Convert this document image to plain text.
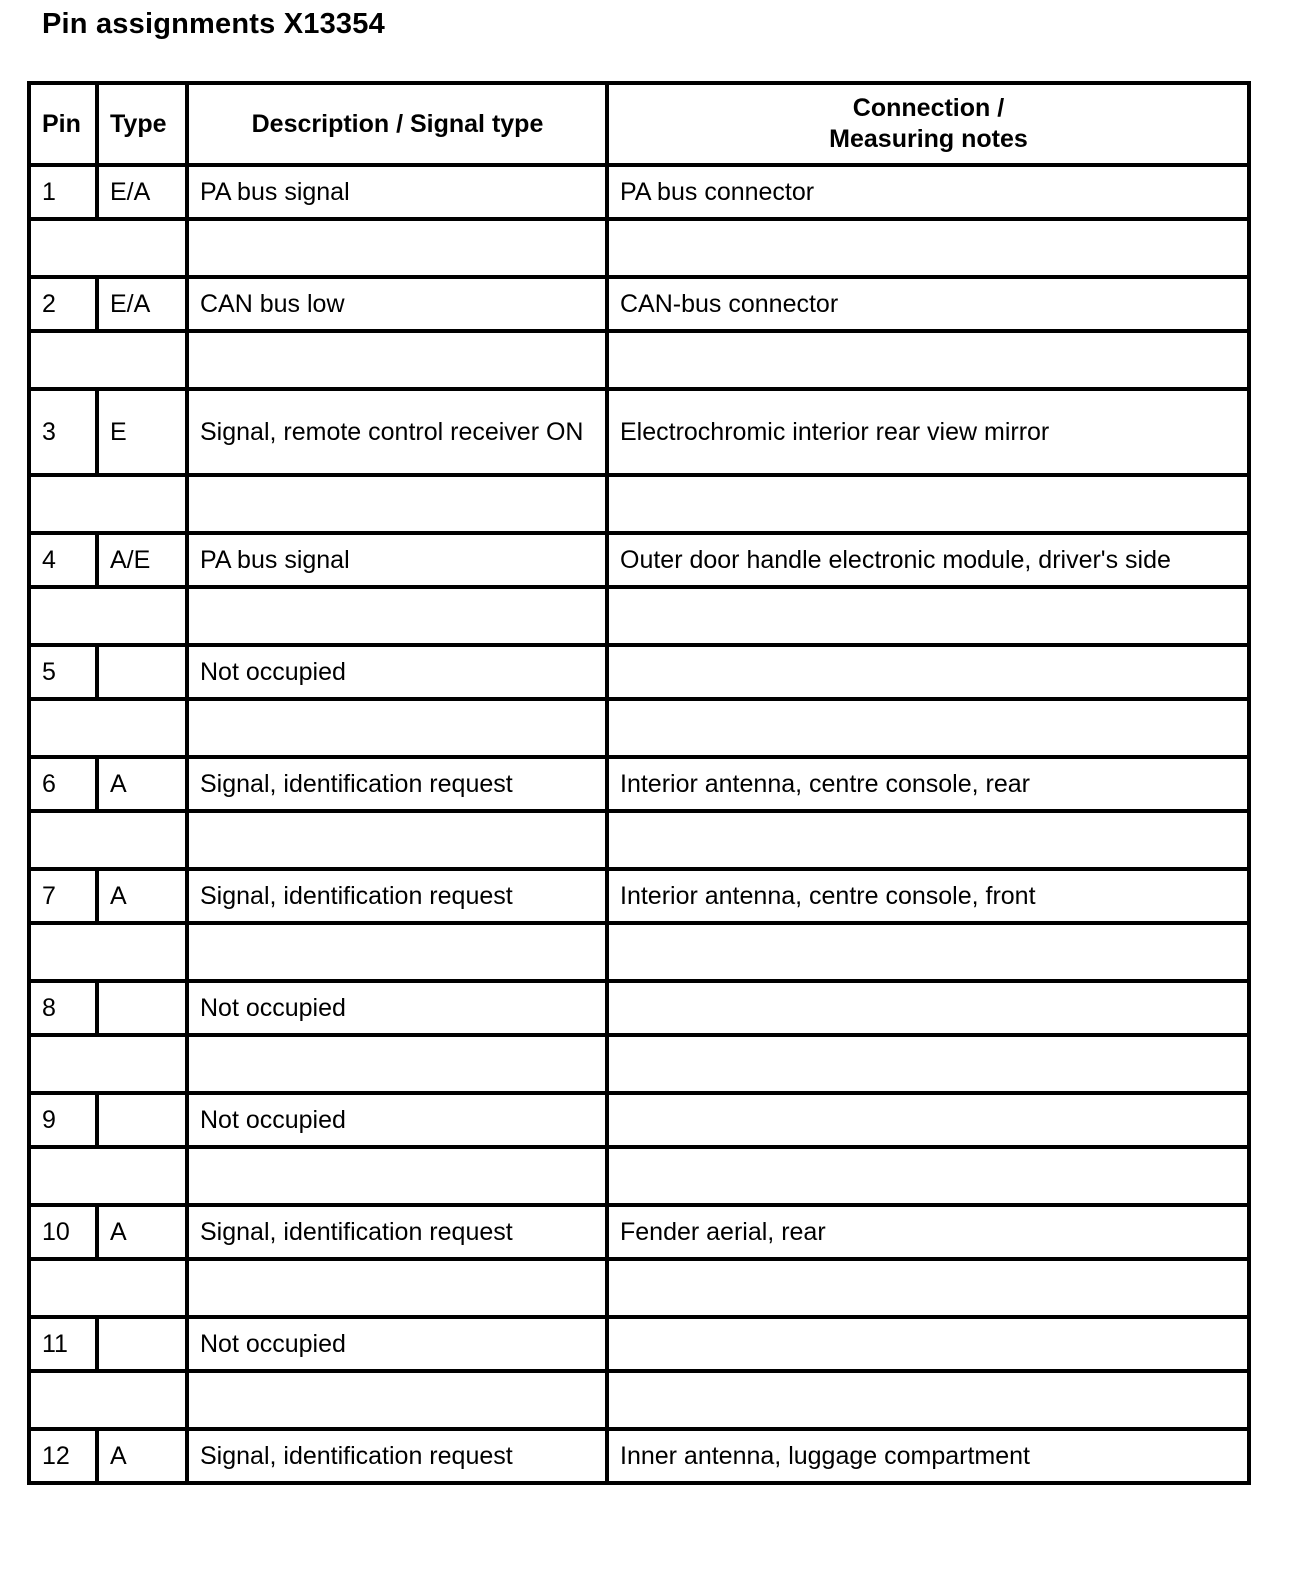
Pin assignments X13354
Pin	Type	Description / Signal type	Connection /
Measuring notes

1	E/A	PA bus signal	PA bus connector

2	E/A	CAN bus low	CAN-bus connector

3	E	Signal, remote control receiver ON	Electrochromic interior rear view mirror

4	A/E	PA bus signal	Outer door handle electronic module, driver's side

5		Not occupied	

6	A	Signal, identification request	Interior antenna, centre console, rear

7	A	Signal, identification request	Interior antenna, centre console, front

8		Not occupied	

9		Not occupied	

10	A	Signal, identification request	Fender aerial, rear

11		Not occupied	

12	A	Signal, identification request	Inner antenna, luggage compartment
